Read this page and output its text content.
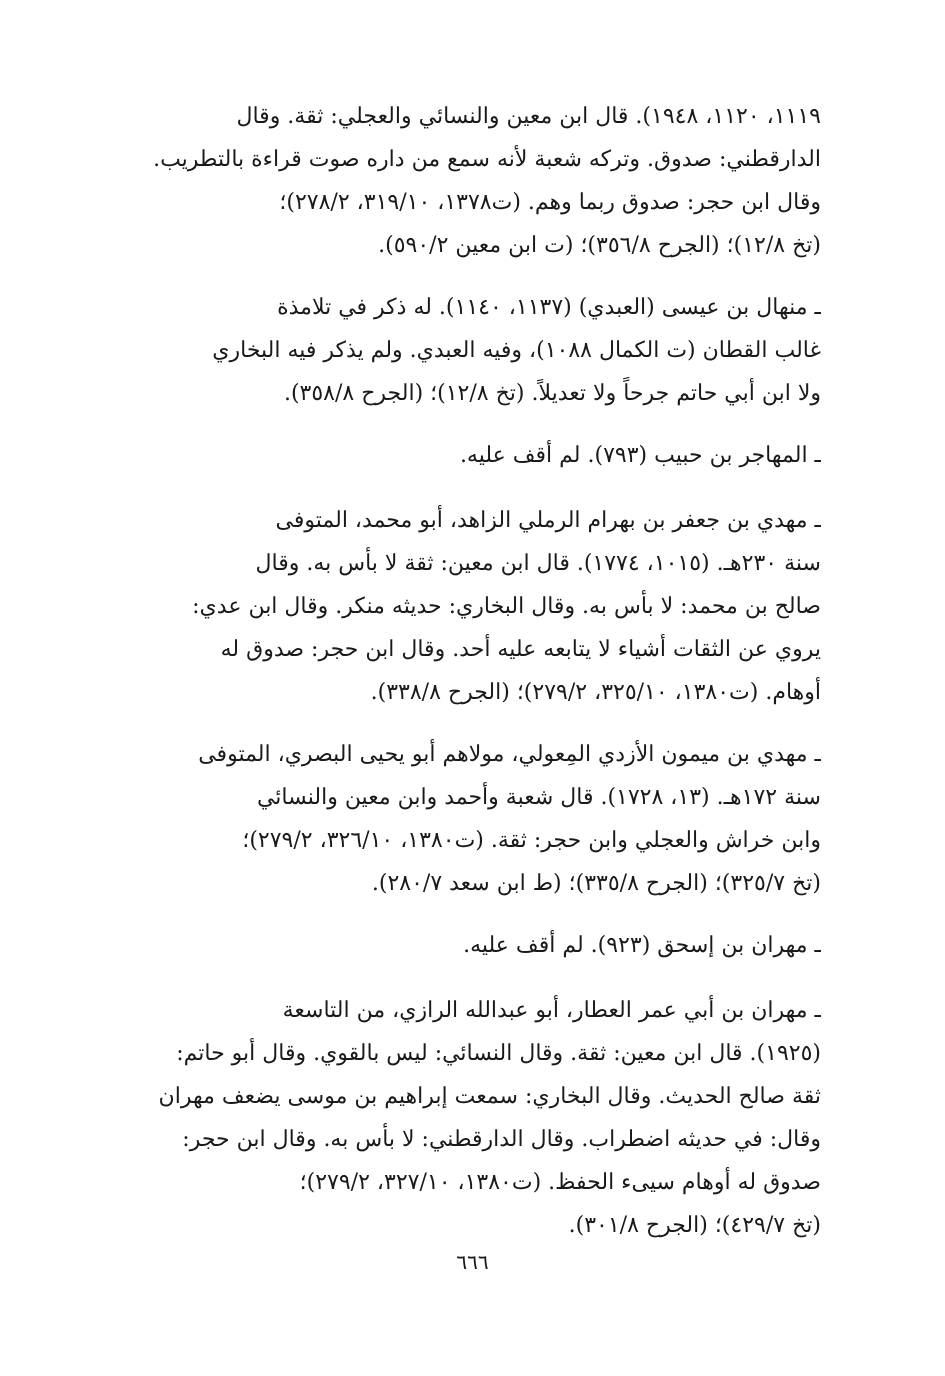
١١١٩، ١١٢٠، ١٩٤٨). قال ابن معين والنسائي والعجلي: ثقة. وقال
الدارقطني: صدوق. وتركه شعبة لأنه سمع من داره صوت قراءة بالتطريب.
وقال ابن حجر: صدوق ربما وهم. (ت١٣٧٨، ٣١٩/١٠، ٢٧٨/٢)؛
(تخ ١٢/٨)؛ (الجرح ٣٥٦/٨)؛ (ت ابن معين ٥٩٠/٢).
ـ منهال بن عيسى (العبدي) (١١٣٧، ١١٤٠). له ذكر في تلامذة
غالب القطان (ت الكمال ١٠٨٨)، وفيه العبدي. ولم يذكر فيه البخاري
ولا ابن أبي حاتم جرحاً ولا تعديلاً. (تخ ١٢/٨)؛ (الجرح ٣٥٨/٨).
ـ المهاجر بن حبيب (٧٩٣). لم أقف عليه.
ـ مهدي بن جعفر بن بهرام الرملي الزاهد، أبو محمد، المتوفى
سنة ٢٣٠هـ. (١٠١٥، ١٧٧٤). قال ابن معين: ثقة لا بأس به. وقال
صالح بن محمد: لا بأس به. وقال البخاري: حديثه منكر. وقال ابن عدي:
يروي عن الثقات أشياء لا يتابعه عليه أحد. وقال ابن حجر: صدوق له
أوهام. (ت١٣٨٠، ٣٢٥/١٠، ٢٧٩/٢)؛ (الجرح ٣٣٨/٨).
ـ مهدي بن ميمون الأزدي المِعولي، مولاهم أبو يحيى البصري، المتوفى
سنة ١٧٢هـ. (١٣، ١٧٢٨). قال شعبة وأحمد وابن معين والنسائي
وابن خراش والعجلي وابن حجر: ثقة. (ت١٣٨٠، ٣٢٦/١٠، ٢٧٩/٢)؛
(تخ ٣٢٥/٧)؛ (الجرح ٣٣٥/٨)؛ (ط ابن سعد ٢٨٠/٧).
ـ مهران بن إسحق (٩٢٣). لم أقف عليه.
ـ مهران بن أبي عمر العطار، أبو عبدالله الرازي، من التاسعة
(١٩٢٥). قال ابن معين: ثقة. وقال النسائي: ليس بالقوي. وقال أبو حاتم:
ثقة صالح الحديث. وقال البخاري: سمعت إبراهيم بن موسى يضعف مهران
وقال: في حديثه اضطراب. وقال الدارقطني: لا بأس به. وقال ابن حجر:
صدوق له أوهام سيىء الحفظ. (ت١٣٨٠، ٣٢٧/١٠، ٢٧٩/٢)؛
(تخ ٤٢٩/٧)؛ (الجرح ٣٠١/٨).
٦٦٦
